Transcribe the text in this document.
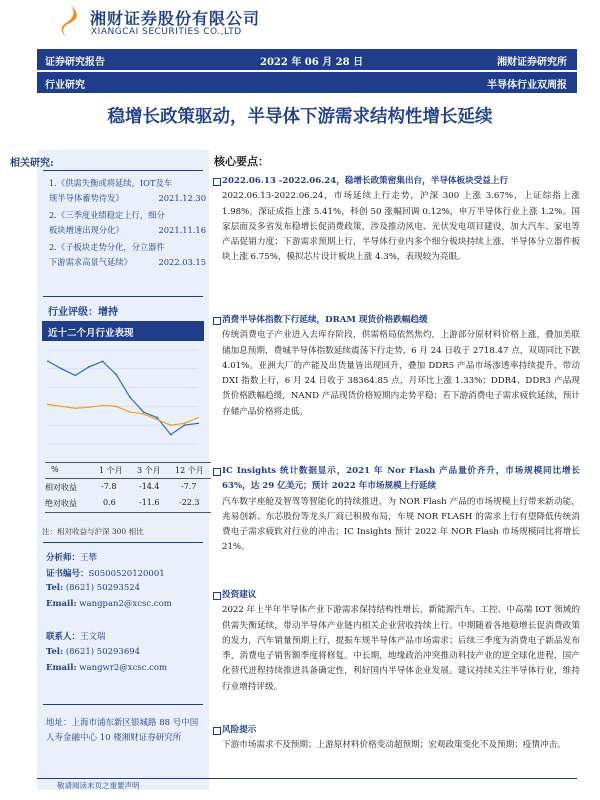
湘财证券股份有限公司
XIANGCAI SECURITIES CO.,LTD
证券研究报告	2022 年 06 月 28 日	湘财证券研究所
行业研究	半导体行业双周报
稳增长政策驱动，半导体下游需求结构性增长延续
相关研究:
1.《供需失衡或将延续，IOT及车
规半导体蓄势待发》	2021.12.30
2.《三季度业绩稳定上行，细分
板块增速出现分化》	2021.11.16
2.《子板块走势分化，分立器件
下游需求高景气延续》	2022.03.15
行业评级：增持
近十二个月行业表现
%	1 个月 3 个月 12 个月
相对收益	-7.8	-14.4	-7.7
绝对收益	0.6	-11.6 -22.3
注：相对收益与沪深 300 相比
分析师：王攀
证书编号：S0500520120001
Tel: (8621) 50293524
Email: wangpan2@xcsc.com
联系人：王文瑞
Tel: (8621) 50293694
Email: wangwr2@xcsc.com
地址：上海市浦东新区银城路 88 号中国人寿金融中心 10 楼湘财证券研究所
核心要点：
2022.06.13 -2022.06.24，稳增长政策密集出台，半导体板块受益上行
2022.06.13-2022.06.24，市场延续上行走势，沪深 300 上涨 3.67%，上证综指上涨 1.98%，深证成指上涨 5.41%，科创 50 涨幅回调 0.12%，申万半导体行业上涨 1.2%。国家层面及多省发布稳增长促消费政策，涉及推动风电、光伏发电项目建设，加大汽车、家电等产品促销力度；下游需求预期上行，半导体行业内多个细分板块持续上涨，半导体分立器件板块上涨 6.75%，模拟芯片设计板块上涨 4.3%，表现较为亮眼。
消费半导体指数下行延续，DRAM 现货价格跌幅趋缓
传统消费电子产业进入去库存阶段，供需格局依然焦灼，上游部分原材料价格上涨，叠加美联储加息预期，费城半导体指数延续震荡下行走势，6 月 24 日收于 2718.47 点，双周同比下跌 4.01%。亚洲大厂的产能及出货量皆出现回升，叠加 DDR5 产品市场渗透率持续提升，带动 DXI 指数上行，6 月 24 日收于 38364.85 点，月环比上涨 1.33%；DDR4、DDR3 产品现货价格跌幅趋缓，NAND 产品现货价格短期内走势平稳；若下游消费电子需求疲软延续，预计存储产品价格将走低。
IC Insights 统计数据显示，2021 年 Nor Flash 产品量价齐升，市场规模同比增长 63%，达 29 亿美元；预计 2022 年市场规模上行延续
汽车数字座舱及智驾等智能化的持续推进，为 NOR Flash 产品的市场规模上行带来新动能，兆易创新、东芯股份等龙头厂商已积极布局，车规 NOR FLASH 的需求上行有望降低传统消费电子需求疲软对行业的冲击；IC Insights 预计 2022 年 NOR Flash 市场规模同比将增长 21%。
投资建议
2022 年上半年半导体产业下游需求保持结构性增长，新能源汽车、工控、中高端 IOT 领域的供需失衡延续，带动半导体产业链内相关企业营收持续上行。中期随着各地稳增长促消费政策的发力，汽车销量预期上行，提振车规半导体产品市场需求；后续三季度为消费电子新品发布季，消费电子销售额季度将修复。中长期，地缘政治冲突推动科技产业的逆全球化进程，国产化替代进程持续推进具备确定性，利好国内半导体企业发展。建议持续关注半导体行业，维持行业增持评级。
风险提示
下游市场需求不及预期；上游原材料价格变动超预期；宏观政策变化不及预期；疫情冲击。
敬请阅读末页之重要声明
